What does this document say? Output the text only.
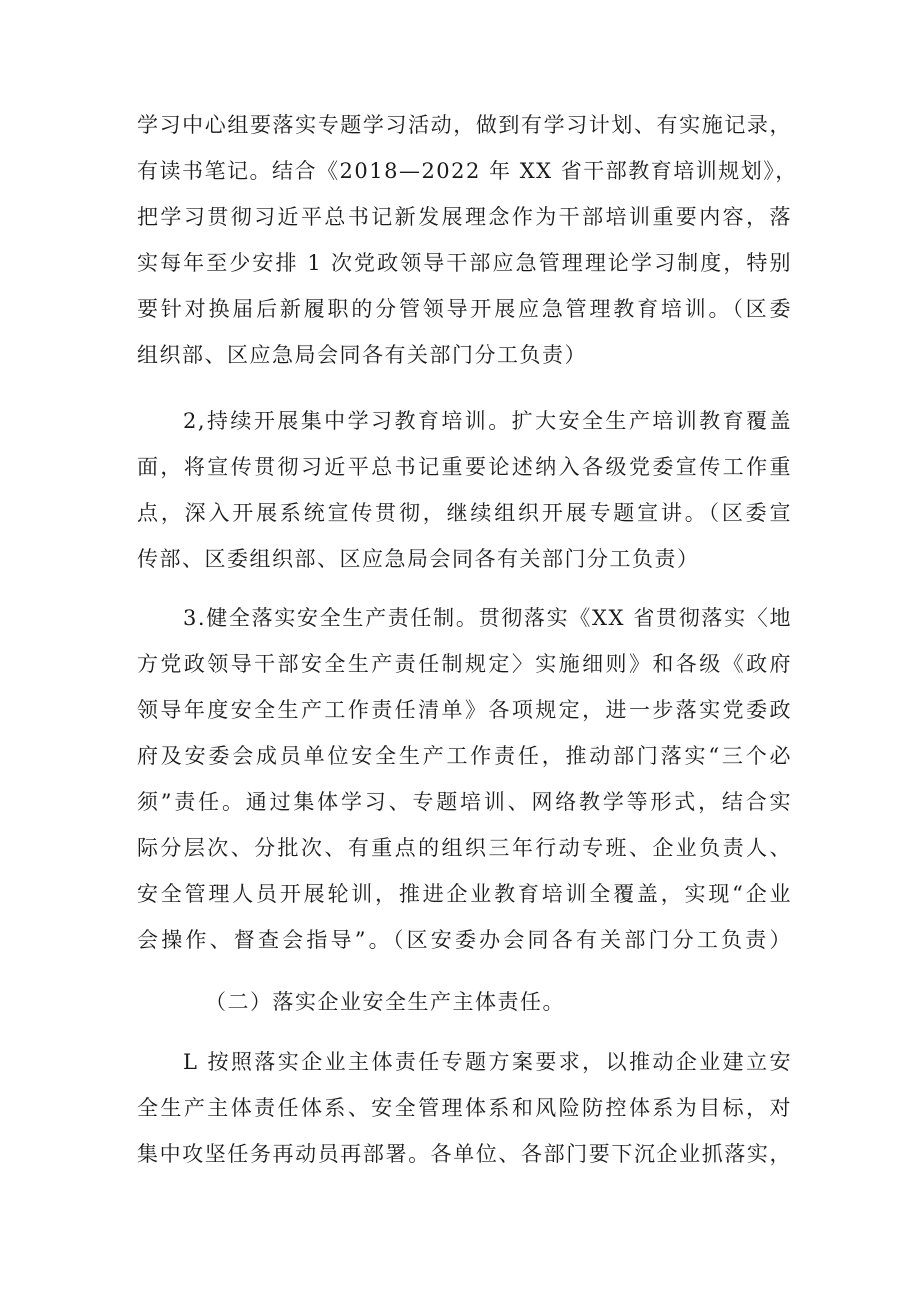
学习中心组要落实专题学习活动，做到有学习计划、有实施记录，
有读书笔记。结合《2018—2022 年 XX 省干部教育培训规划》，
把学习贯彻习近平总书记新发展理念作为干部培训重要内容，落
实每年至少安排 1 次党政领导干部应急管理理论学习制度，特别
要针对换届后新履职的分管领导开展应急管理教育培训。（区委
组织部、区应急局会同各有关部门分工负责）
2,持续开展集中学习教育培训。扩大安全生产培训教育覆盖
面，将宣传贯彻习近平总书记重要论述纳入各级党委宣传工作重
点，深入开展系统宣传贯彻，继续组织开展专题宣讲。（区委宣
传部、区委组织部、区应急局会同各有关部门分工负责）
3.健全落实安全生产责任制。贯彻落实《XX 省贯彻落实〈地
方党政领导干部安全生产责任制规定〉实施细则》和各级《政府
领导年度安全生产工作责任清单》各项规定，进一步落实党委政
府及安委会成员单位安全生产工作责任，推动部门落实“三个必
须”责任。通过集体学习、专题培训、网络教学等形式，结合实
际分层次、分批次、有重点的组织三年行动专班、企业负责人、
安全管理人员开展轮训，推进企业教育培训全覆盖，实现“企业
会操作、督查会指导”。（区安委办会同各有关部门分工负责）
（二）落实企业安全生产主体责任。
L 按照落实企业主体责任专题方案要求，以推动企业建立安
全生产主体责任体系、安全管理体系和风险防控体系为目标，对
集中攻坚任务再动员再部署。各单位、各部门要下沉企业抓落实，
